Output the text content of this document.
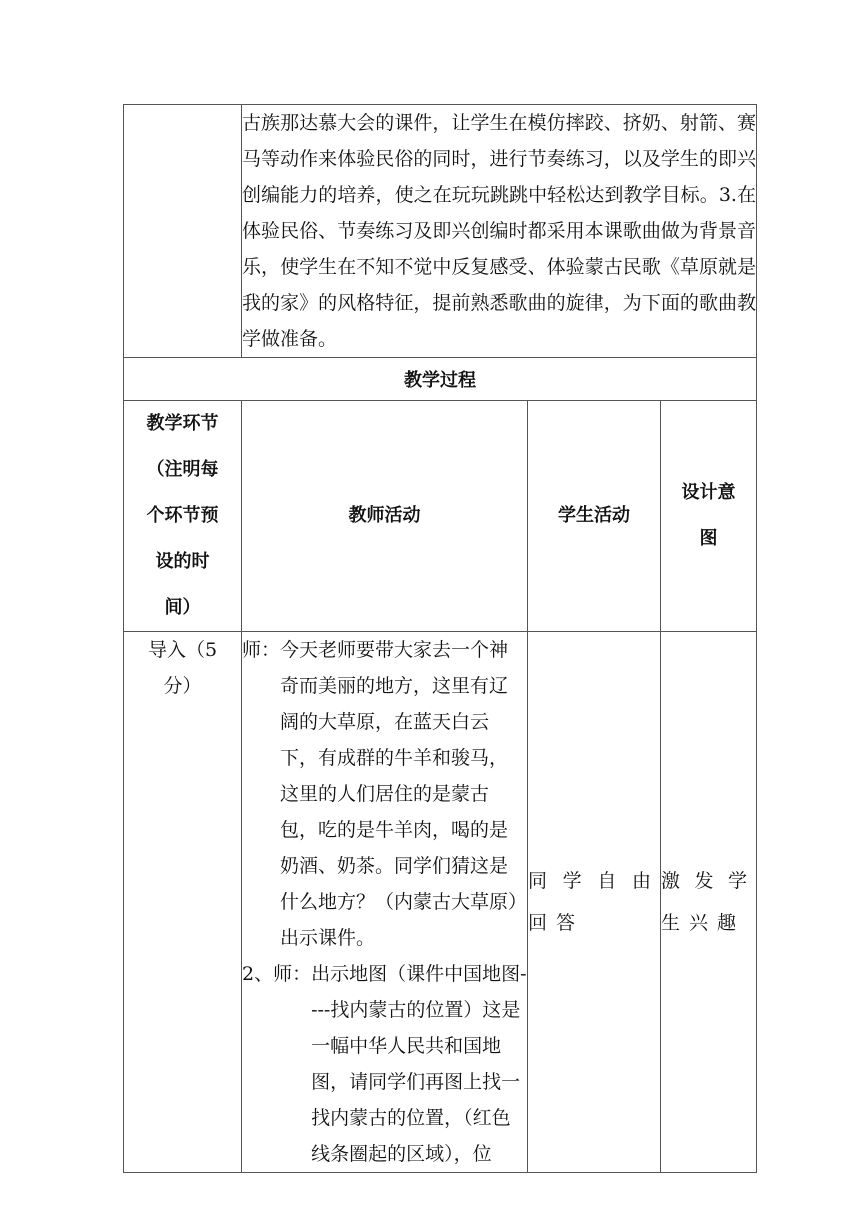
	古族那达慕大会的课件，让学生在模仿摔跤、挤奶、射箭、赛马等动作来体验民俗的同时，进行节奏练习，以及学生的即兴创编能力的培养，使之在玩玩跳跳中轻松达到教学目标。3.在体验民俗、节奏练习及即兴创编时都采用本课歌曲做为背景音乐，使学生在不知不觉中反复感受、体验蒙古民歌《草原就是我的家》的风格特征，提前熟悉歌曲的旋律，为下面的歌曲教学做准备。		
教学过程			

教学环节（注明每个环节预设的时间）	教师活动	学生活动	设计意图

导入（5分）	师： 今天老师要带大家去一个神奇而美丽的地方，这里有辽阔的大草原，在蓝天白云下，有成群的牛羊和骏马，这里的人们居住的是蒙古包，吃的是牛羊肉，喝的是奶酒、奶茶。同学们猜这是什么地方？（内蒙古大草原）出示课件。
2、师： 出示地图（课件中国地图----找内蒙古的位置）这是一幅中华人民共和国地图，请同学们再图上找一找内蒙古的位置，（红色线条圈起的区域），位	同学自由回答	激发学生兴趣
